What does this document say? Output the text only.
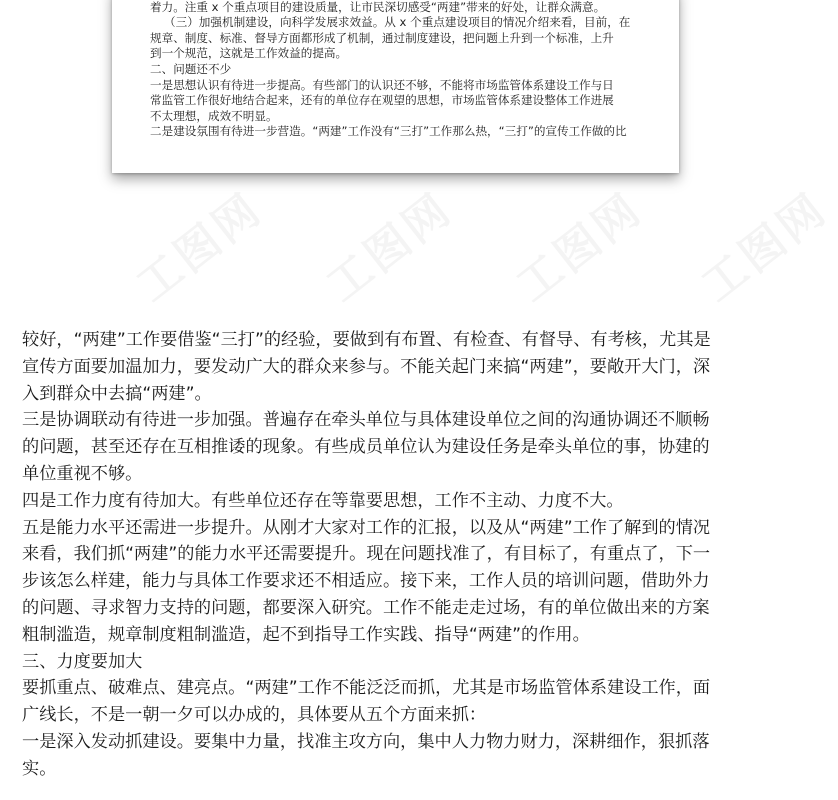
工图网 工图网 工图网 工图网

着力。注重 x 个重点项目的建设质量，让市民深切感受“两建”带来的好处，让群众满意。

（三）加强机制建设，向科学发展求效益。从 x 个重点建设项目的情况介绍来看，目前，在

规章、制度、标准、督导方面都形成了机制，通过制度建设，把问题上升到一个标准，上升

到一个规范，这就是工作效益的提高。

二、问题还不少

一是思想认识有待进一步提高。有些部门的认识还不够，不能将市场监管体系建设工作与日

常监管工作很好地结合起来，还有的单位存在观望的思想，市场监管体系建设整体工作进展

不太理想，成效不明显。

二是建设氛围有待进一步营造。“两建”工作没有“三打”工作那么热，“三打”的宣传工作做的比

较好，“两建”工作要借鉴“三打”的经验，要做到有布置、有检查、有督导、有考核，尤其是

宣传方面要加温加力，要发动广大的群众来参与。不能关起门来搞“两建”，要敞开大门，深

入到群众中去搞“两建”。

三是协调联动有待进一步加强。普遍存在牵头单位与具体建设单位之间的沟通协调还不顺畅

的问题，甚至还存在互相推诿的现象。有些成员单位认为建设任务是牵头单位的事，协建的

单位重视不够。

四是工作力度有待加大。有些单位还存在等靠要思想，工作不主动、力度不大。

五是能力水平还需进一步提升。从刚才大家对工作的汇报，以及从“两建”工作了解到的情况

来看，我们抓“两建”的能力水平还需要提升。现在问题找准了，有目标了，有重点了，下一

步该怎么样建，能力与具体工作要求还不相适应。接下来，工作人员的培训问题，借助外力

的问题、寻求智力支持的问题，都要深入研究。工作不能走走过场，有的单位做出来的方案

粗制滥造，规章制度粗制滥造，起不到指导工作实践、指导“两建”的作用。

三、力度要加大

要抓重点、破难点、建亮点。“两建”工作不能泛泛而抓，尤其是市场监管体系建设工作，面

广线长，不是一朝一夕可以办成的，具体要从五个方面来抓：

一是深入发动抓建设。要集中力量，找准主攻方向，集中人力物力财力，深耕细作，狠抓落

实。
